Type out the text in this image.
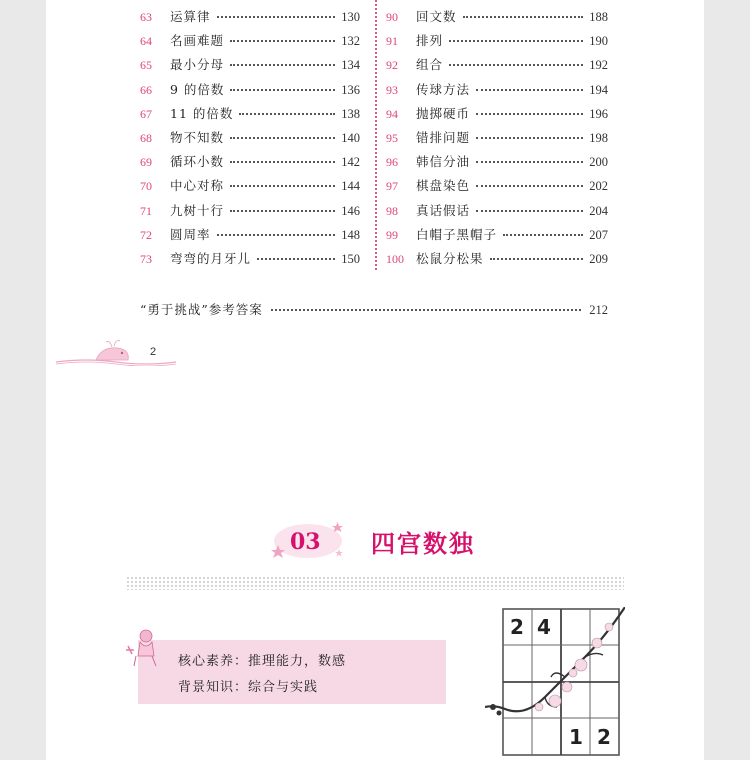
63	运算律	130
64	名画难题	132
65	最小分母	134
66	9 的倍数	136
67	11 的倍数	138
68	物不知数	140
69	循环小数	142
70	中心对称	144
71	九树十行	146
72	圆周率	148
73	弯弯的月牙儿	150
90	回文数	188
91	排列	190
92	组合	192
93	传球方法	194
94	抛掷硬币	196
95	错排问题	198
96	韩信分油	200
97	棋盘染色	202
98	真话假话	204
99	白帽子黑帽子	207
100 松鼠分松果	209
“勇于挑战”参考答案	212
2
03 四宫数独
核心素养：推理能力，数感
背景知识：综合与实践
2 4
1 2
